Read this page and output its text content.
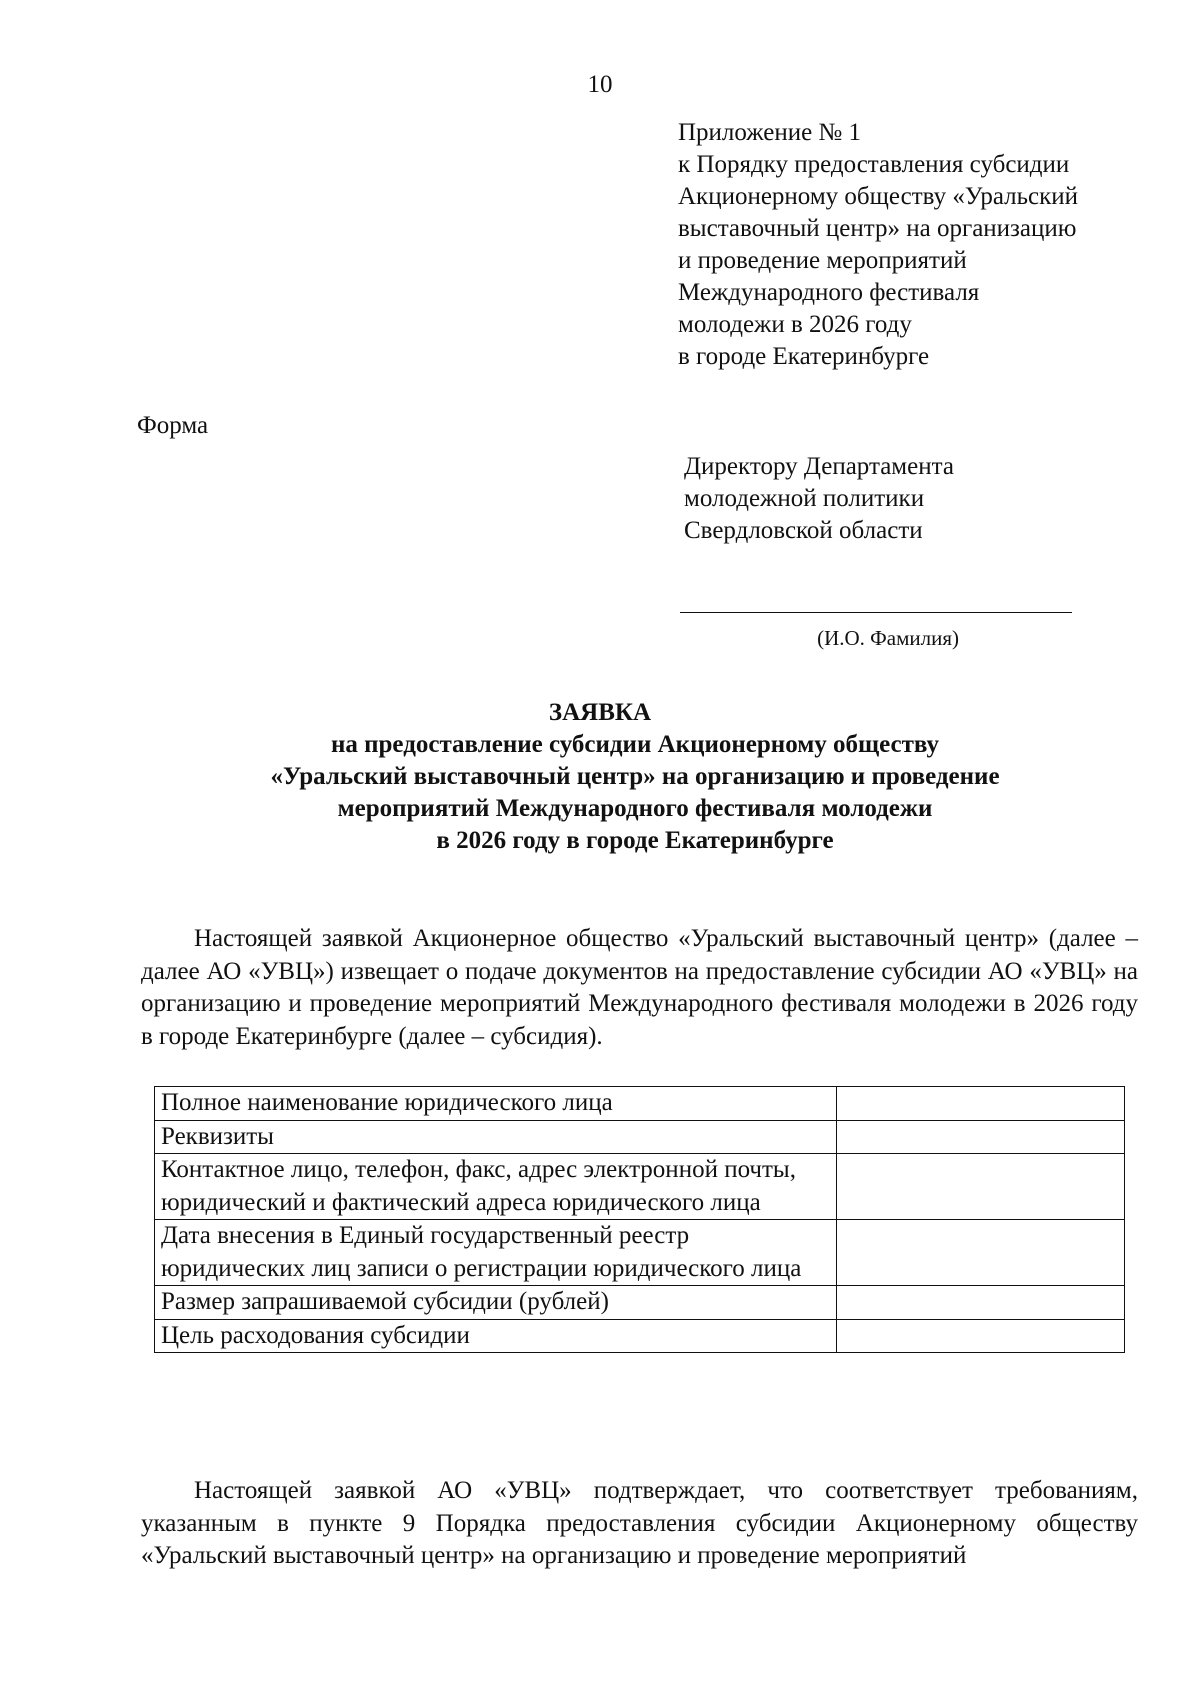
10
Приложение № 1
к Порядку предоставления субсидии
Акционерному обществу «Уральский
выставочный центр» на организацию
и проведение мероприятий
Международного фестиваля
молодежи в 2026 году
в городе Екатеринбурге
Форма
Директору Департамента
молодежной политики
Свердловской области
(И.О. Фамилия)
ЗАЯВКА
на предоставление субсидии Акционерному обществу
«Уральский выставочный центр» на организацию и проведение
мероприятий Международного фестиваля молодежи
в 2026 году в городе Екатеринбурге
Настоящей заявкой Акционерное общество «Уральский выставочный центр» (далее – далее АО «УВЦ») извещает о подаче документов на предоставление субсидии АО «УВЦ» на организацию и проведение мероприятий Международного фестиваля молодежи в 2026 году в городе Екатеринбурге (далее – субсидия).
Полное наименование юридического лица	
Реквизиты	
Контактное лицо, телефон, факс, адрес электронной почты, юридический и фактический адреса юридического лица	
Дата внесения в Единый государственный реестр юридических лиц записи о регистрации юридического лица	
Размер запрашиваемой субсидии (рублей)	
Цель расходования субсидии	
Настоящей заявкой АО «УВЦ» подтверждает, что соответствует требованиям, указанным в пункте 9 Порядка предоставления субсидии Акционерному обществу «Уральский выставочный центр» на организацию и проведение мероприятий
